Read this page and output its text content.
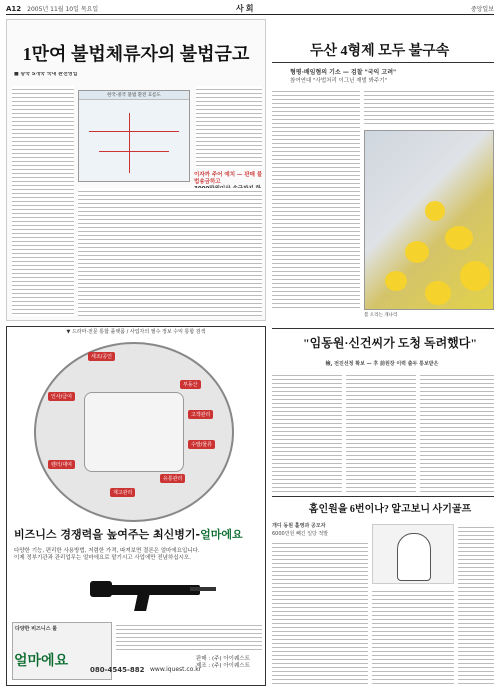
A12 2005년 11월 10일 목요일	사회	중앙일보
1만여 불법체류자의 불법금고
■ 중국 5개국 국내 환전영업
한국-중국 불법 환전 흐름도
이자까 주어 예치 — 판매 불법송금하고
두산 4형제 모두 불구속
형평·배임혐의 기소 — 검찰 "국익 고려"
참여연대 "사법처리 이그닌 재벌 봐주기"
봄 오리는 개나리
▼ 드라마·전문 통합 플랫폼 / 사업자의 필수 정보 수익 통합 검색
세조/공인
인사/급여
부동산
고객관리
수발/물류
렌터/대여
재고관리
유통관리
비즈니스 경쟁력을 높여주는 최신병기-얼마에요
다양한 기능, 편리한 사용방법, 저렴한 가격, 따져보면 결론은 얼마에요입니다.
이제 정부기관과 관리업무는 얼마에요로 맡기시고 사업에만 전념하십시오.
다양한 비즈니스 툴
얼마에요
080-4545-882 www.iquest.co.kr
판매 : (주) 아이퀘스트
제조 : (주) 아이퀘스트
"임동원·신건씨가 도청 독려했다"
檢, 전진선정 확보 — 후 前원장 이력 출두 통보받은
홈인원을 6번이나? 알고보니 사기골프
개디 동원 홀영과 공모자
6000만원 빼긴 일당 적발
